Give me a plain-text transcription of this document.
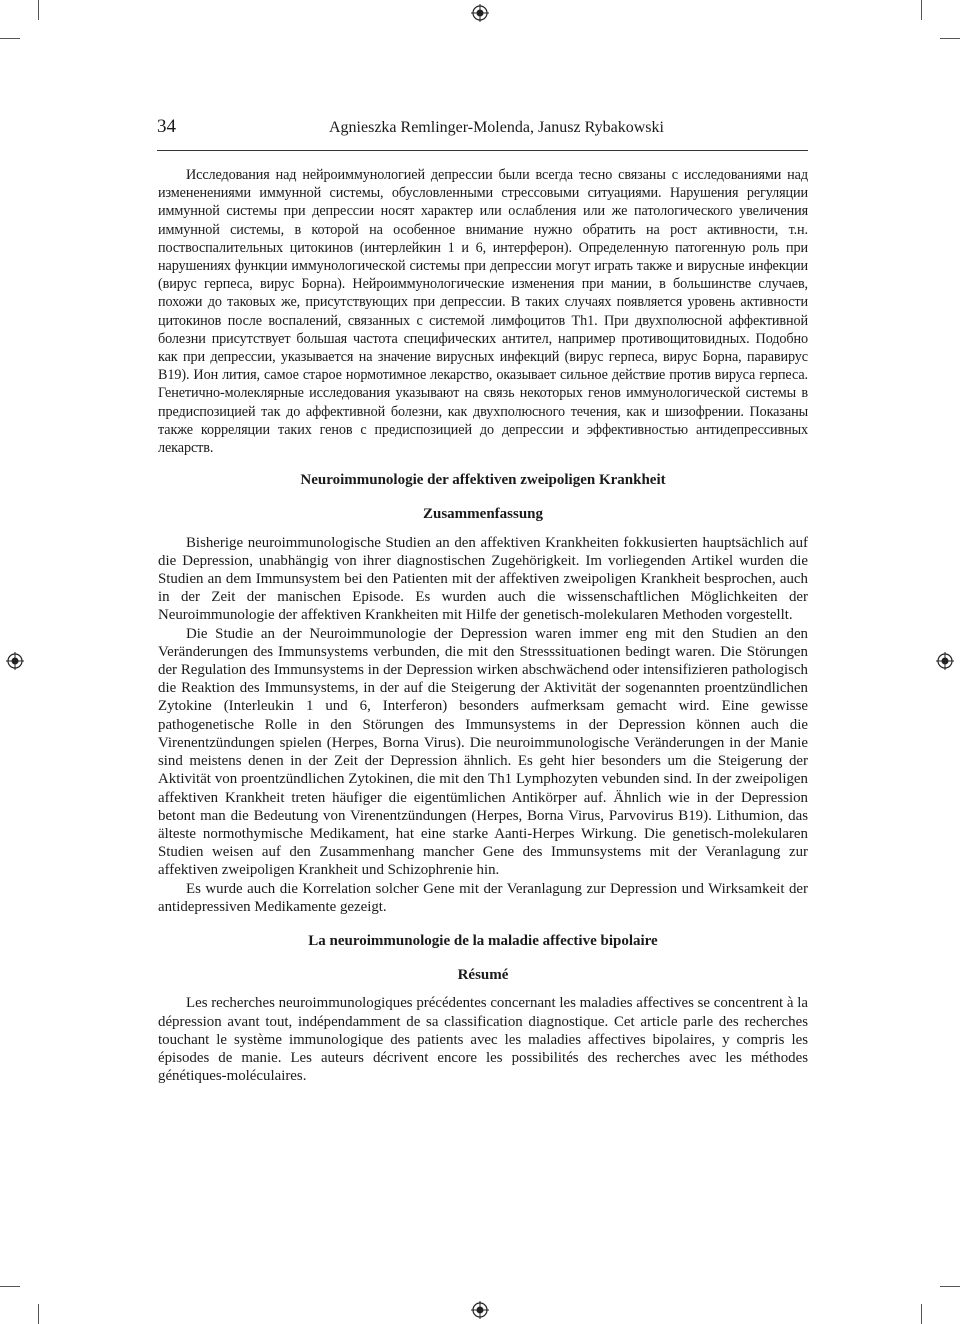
34	Agnieszka Remlinger-Molenda, Janusz Rybakowski

Исследования над нейроиммунологией депрессии были всегда тесно связаны с исследованиями над измененениями иммунной системы, обусловленными стрессовыми ситуациями. Нарушения регуляции иммунной системы при депрессии носят характер или ослабления или же патологического увеличения иммунной системы, в которой на особенное внимание нужно обратить на рост активности, т.н. поствоспалительных цитокинов (интерлейкин 1 и 6, интерферон). Определенную патогенную роль при нарушениях функции иммунологической системы при депрессии могут играть также и вирусные инфекции (вирус герпеса, вирус Борна). Нейроиммунологические изменения при мании, в большинстве случаев, похожи до таковых же, присутствующих при депрессии. В таких случаях появляется уровень активности цитокинов после воспалений, связанных с системой лимфоцитов Th1. При двухполюсной аффективной болезни присутствует большая частота специфических антител, например противощитовидных. Подобно как при депрессии, указывается на значение вирусных инфекций (вирус герпеса, вирус Борна, паравирус B19). Ион лития, самое старое нормотимное лекарство, оказывает сильное действие против вируса герпеса. Генетично-молеклярные исследования указывают на связь некоторых генов иммунологической системы в предиспозицией так до аффективной болезни, как двухполюсного течения, как и шизофрении. Показаны также корреляции таких генов с предиспозицией до депрессии и эффективностью антидепрессивных лекарств.

Neuroimmunologie der affektiven zweipoligen Krankheit
Zusammenfassung

Bisherige neuroimmunologische Studien an den affektiven Krankheiten fokkusierten hauptsächlich auf die Depression, unabhängig von ihrer diagnostischen Zugehörigkeit. Im vorliegenden Artikel wurden die Studien an dem Immunsystem bei den Patienten mit der affektiven zweipoligen Krankheit besprochen, auch in der Zeit der manischen Episode. Es wurden auch die wissenschaftlichen Möglichkeiten der Neuroimmunologie der affektiven Krankheiten mit Hilfe der genetisch-molekularen Methoden vorgestellt.

Die Studie an der Neuroimmunologie der Depression waren immer eng mit den Studien an den Veränderungen des Immunsystems verbunden, die mit den Stresssituationen bedingt waren. Die Störungen der Regulation des Immunsystems in der Depression wirken abschwächend oder intensifizieren pathologisch die Reaktion des Immunsystems, in der auf die Steigerung der Aktivität der sogenannten proentzündlichen Zytokine (Interleukin 1 und 6, Interferon) besonders aufmerksam gemacht wird. Eine gewisse pathogenetische Rolle in den Störungen des Immunsystems in der Depression können auch die Virenentzündungen spielen (Herpes, Borna Virus). Die neuroimmunologische Veränderungen in der Manie sind meistens denen in der Zeit der Depression ähnlich. Es geht hier besonders um die Steigerung der Aktivität von proentzündlichen Zytokinen, die mit den Th1 Lymphozyten vebunden sind. In der zweipoligen affektiven Krankheit treten häufiger die eigentümlichen Antikörper auf. Ähnlich wie in der Depression betont man die Bedeutung von Virenentzündungen (Herpes, Borna Virus, Parvovirus B19). Lithumion, das älteste normothymische Medikament, hat eine starke Aanti-Herpes Wirkung. Die genetisch-molekularen Studien weisen auf den Zusammenhang mancher Gene des Immunsystems mit der Veranlagung zur affektiven zweipoligen Krankheit und Schizophrenie hin.

Es wurde auch die Korrelation solcher Gene mit der Veranlagung zur Depression und Wirksamkeit der antidepressiven Medikamente gezeigt.

La neuroimmunologie de la maladie affective bipolaire
Résumé

Les recherches neuroimmunologiques précédentes concernant les maladies affectives se concentrent à la dépression avant tout, indépendamment de sa classification diagnostique. Cet article parle des recherches touchant le système immunologique des patients avec les maladies affectives bipolaires, y compris les épisodes de manie. Les auteurs décrivent encore les possibilités des recherches avec les méthodes génétiques-moléculaires.
